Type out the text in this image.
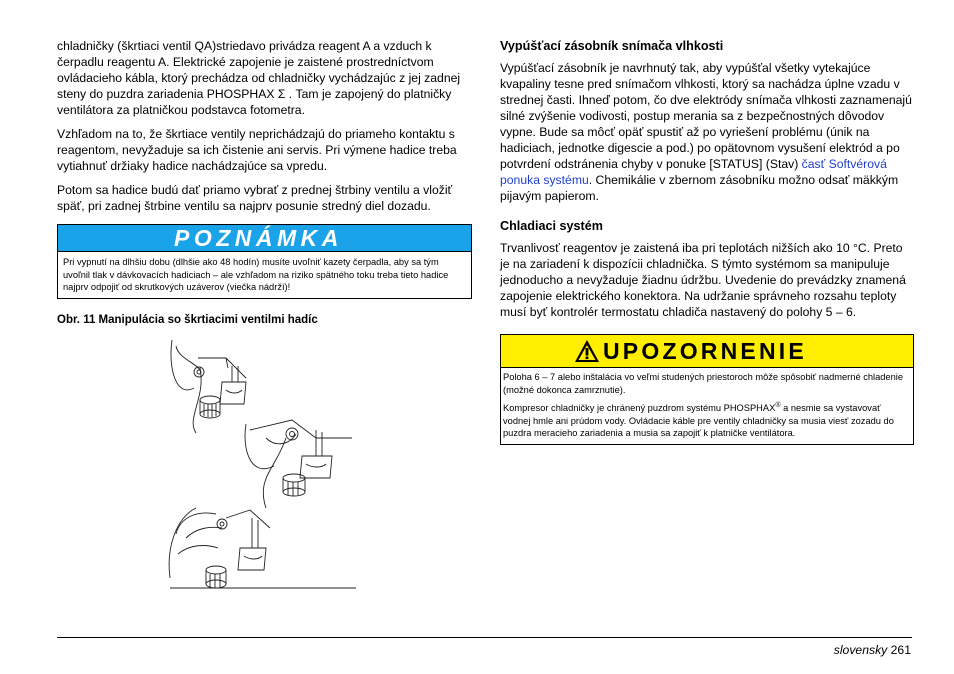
chladničky (škrtiaci ventil QA)striedavo privádza reagent A a vzduch k čerpadlu reagentu A. Elektrické zapojenie je zaistené prostredníctvom ovládacieho kábla, ktorý prechádza od chladničky vychádzajúc z jej zadnej steny do puzdra zariadenia PHOSPHAX Σ . Tam je zapojený do platničky ventilátora za platničkou podstavca fotometra.

Vzhľadom na to, že škrtiace ventily neprichádzajú do priameho kontaktu s reagentom, nevyžaduje sa ich čistenie ani servis. Pri výmene hadice treba vytiahnuť držiaky hadice nachádzajúce sa vpredu.

Potom sa hadice budú dať priamo vybrať z prednej štrbiny ventilu a vložiť späť, pri zadnej štrbine ventilu sa najprv posunie stredný diel dozadu.

POZNÁMKA
Pri vypnutí na dlhšiu dobu (dlhšie ako 48 hodín) musíte uvoľniť kazety čerpadla, aby sa tým uvoľnil tlak v dávkovacích hadiciach – ale vzhľadom na riziko spätného toku treba tieto hadice najprv odpojiť od skrutkových uzáverov (viečka nádrží)!
Obr. 11 Manipulácia so škrtiacimi ventilmi hadíc
Vypúšťací zásobník snímača vlhkosti

Vypúšťací zásobník je navrhnutý tak, aby vypúšťal všetky vytekajúce kvapaliny tesne pred snímačom vlhkosti, ktorý sa nachádza úplne vzadu v strednej časti. Ihneď potom, čo dve elektródy snímača vlhkosti zaznamenajú silné zvýšenie vodivosti, postup merania sa z bezpečnostných dôvodov vypne. Bude sa môcť opäť spustiť až po vyriešení problému (únik na hadiciach, jednotke digescie a pod.) po opätovnom vysušení elektród a po potvrdení odstránenia chyby v ponuke [STATUS] (Stav) časť Softvérová ponuka systému. Chemikálie v zbernom zásobníku možno odsať mäkkým pijavým papierom.

Chladiaci systém

Trvanlivosť reagentov je zaistená iba pri teplotách nižších ako 10 °C. Preto je na zariadení k dispozícii chladnička. S týmto systémom sa manipuluje jednoducho a nevyžaduje žiadnu údržbu. Uvedenie do prevádzky znamená zapojenie elektrického konektora. Na udržanie správneho rozsahu teploty musí byť kontrolér termostatu chladiča nastavený do polohy 5 – 6.

UPOZORNENIE

Poloha 6 – 7 alebo inštalácia vo veľmi studených priestoroch môže spôsobiť nadmerné chladenie (možné dokonca zamrznutie).

Kompresor chladničky je chránený puzdrom systému PHOSPHAX® a nesmie sa vystavovať vodnej hmle ani prúdom vody. Ovládacie káble pre ventily chladničky sa musia viesť zozadu do puzdra meracieho zariadenia a musia sa zapojiť k platničke ventilátora.

slovensky 261
